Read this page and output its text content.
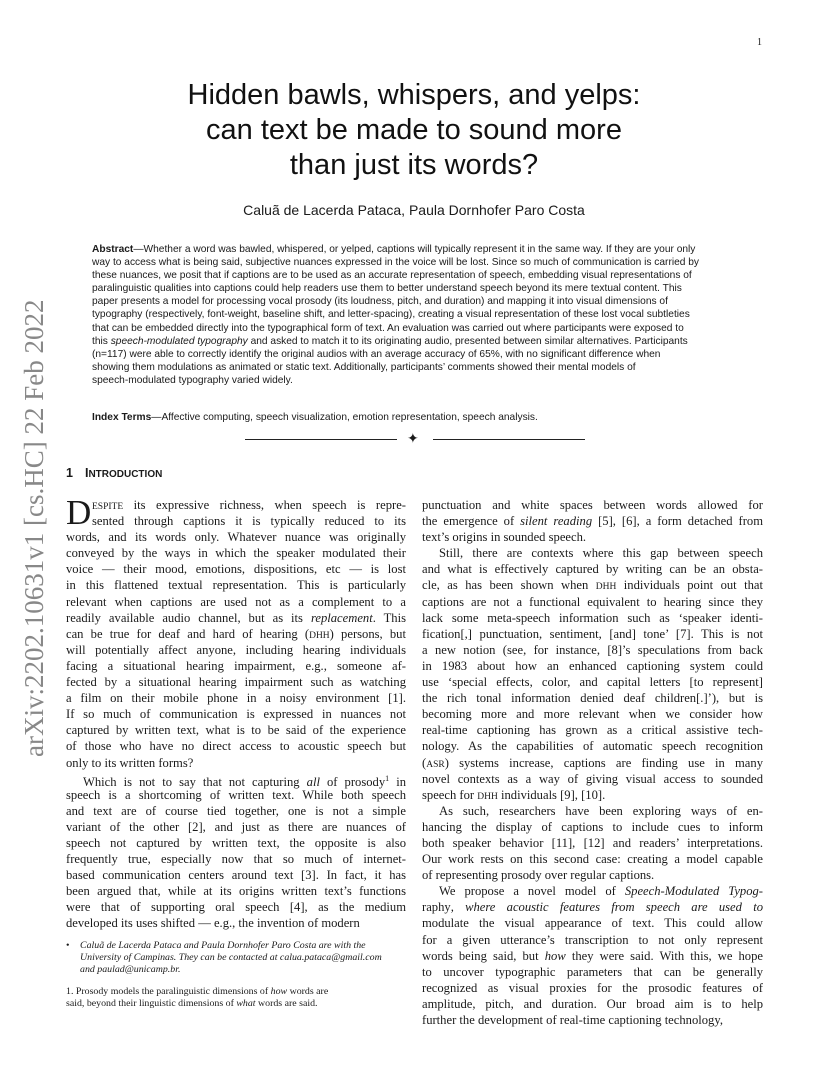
1
arXiv:2202.10631v1 [cs.HC] 22 Feb 2022
Hidden bawls, whispers, and yelps:
can text be made to sound more
than just its words?
Caluã de Lacerda Pataca, Paula Dornhofer Paro Costa
Abstract—Whether a word was bawled, whispered, or yelped, captions will typically represent it in the same way. If they are your only
way to access what is being said, subjective nuances expressed in the voice will be lost. Since so much of communication is carried by
these nuances, we posit that if captions are to be used as an accurate representation of speech, embedding visual representations of
paralinguistic qualities into captions could help readers use them to better understand speech beyond its mere textual content. This
paper presents a model for processing vocal prosody (its loudness, pitch, and duration) and mapping it into visual dimensions of
typography (respectively, font-weight, baseline shift, and letter-spacing), creating a visual representation of these lost vocal subtleties
that can be embedded directly into the typographical form of text. An evaluation was carried out where participants were exposed to
this speech-modulated typography and asked to match it to its originating audio, presented between similar alternatives. Participants
(n=117) were able to correctly identify the original audios with an average accuracy of 65%, with no significant difference when
showing them modulations as animated or static text. Additionally, participants’ comments showed their mental models of
speech-modulated typography varied widely.
Index Terms—Affective computing, speech visualization, emotion representation, speech analysis.
✦
1 INTRODUCTION
D ESPITE its expressive richness, when speech is repre-
sented through captions it is typically reduced to its
words, and its words only. Whatever nuance was originally
conveyed by the ways in which the speaker modulated their
voice — their mood, emotions, dispositions, etc — is lost
in this flattened textual representation. This is particularly
relevant when captions are used not as a complement to a
readily available audio channel, but as its replacement. This
can be true for deaf and hard of hearing (DHH) persons, but
will potentially affect anyone, including hearing individuals
facing a situational hearing impairment, e.g., someone af-
fected by a situational hearing impairment such as watching
a film on their mobile phone in a noisy environment [1].
If so much of communication is expressed in nuances not
captured by written text, what is to be said of the experience
of those who have no direct access to acoustic speech but
only to its written forms?
Which is not to say that not capturing all of prosody$^1$ in
speech is a shortcoming of written text. While both speech
and text are of course tied together, one is not a simple
variant of the other [2], and just as there are nuances of
speech not captured by written text, the opposite is also
frequently true, especially now that so much of internet-
based communication centers around text [3]. In fact, it has
been argued that, while at its origins written text’s functions
were that of supporting oral speech [4], as the medium
developed its uses shifted — e.g., the invention of modern
punctuation and white spaces between words allowed for
the emergence of silent reading [5], [6], a form detached from
text’s origins in sounded speech.
Still, there are contexts where this gap between speech
and what is effectively captured by writing can be an obsta-
cle, as has been shown when DHH individuals point out that
captions are not a functional equivalent to hearing since they
lack some meta-speech information such as ‘speaker identi-
fication[,] punctuation, sentiment, [and] tone’ [7]. This is not
a new notion (see, for instance, [8]’s speculations from back
in 1983 about how an enhanced captioning system could
use ‘special effects, color, and capital letters [to represent]
the rich tonal information denied deaf children[.]’), but is
becoming more and more relevant when we consider how
real-time captioning has grown as a critical assistive tech-
nology. As the capabilities of automatic speech recognition
(ASR) systems increase, captions are finding use in many
novel contexts as a way of giving visual access to sounded
speech for DHH individuals [9], [10].
As such, researchers have been exploring ways of en-
hancing the display of captions to include cues to inform
both speaker behavior [11], [12] and readers’ interpretations.
Our work rests on this second case: creating a model capable
of representing prosody over regular captions.
We propose a novel model of Speech-Modulated Typog-
raphy, where acoustic features from speech are used to
modulate the visual appearance of text. This could allow
for a given utterance’s transcription to not only represent
words being said, but how they were said. With this, we hope
to uncover typographic parameters that can be generally
recognized as visual proxies for the prosodic features of
amplitude, pitch, and duration. Our broad aim is to help
further the development of real-time captioning technology,
• Caluã de Lacerda Pataca and Paula Dornhofer Paro Costa are with the
University of Campinas. They can be contacted at calua.pataca@gmail.com
and paulad@unicamp.br.
1. Prosody models the paralinguistic dimensions of how words are
said, beyond their linguistic dimensions of what words are said.
